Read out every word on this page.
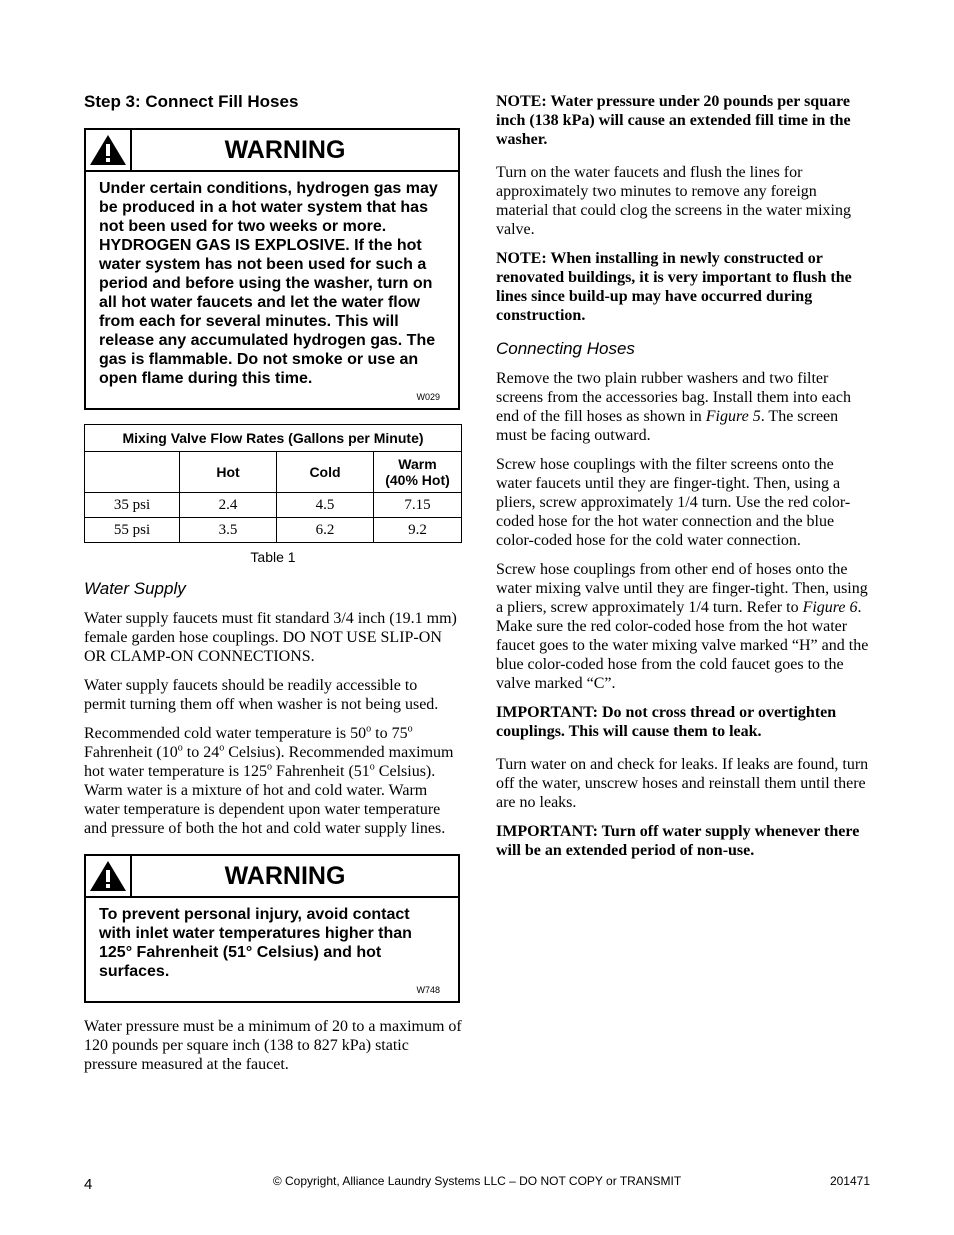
Step 3: Connect Fill Hoses
WARNING
Under certain conditions, hydrogen gas may be produced in a hot water system that has not been used for two weeks or more. HYDROGEN GAS IS EXPLOSIVE. If the hot water system has not been used for such a period and before using the washer, turn on all hot water faucets and let the water flow from each for several minutes. This will release any accumulated hydrogen gas. The gas is flammable. Do not smoke or use an open flame during this time.
W029
Mixing Valve Flow Rates (Gallons per Minute)			
	Hot	Cold	Warm
(40% Hot)
35 psi	2.4	4.5	7.15
55 psi	3.5	6.2	9.2
Table 1
Water Supply

Water supply faucets must fit standard 3/4 inch (19.1 mm) female garden hose couplings. DO NOT USE SLIP-ON OR CLAMP-ON CONNECTIONS.

Water supply faucets should be readily accessible to permit turning them off when washer is not being used.

Recommended cold water temperature is 50$^o$ to 75$^o$ Fahrenheit (10$^o$ to 24$^o$ Celsius). Recommended maximum hot water temperature is 125$^o$ Fahrenheit (51$^o$ Celsius). Warm water is a mixture of hot and cold water. Warm water temperature is dependent upon water temperature and pressure of both the hot and cold water supply lines.

WARNING
To prevent personal injury, avoid contact with inlet water temperatures higher than 125° Fahrenheit (51° Celsius) and hot surfaces.
W748

Water pressure must be a minimum of 20 to a maximum of 120 pounds per square inch (138 to 827 kPa) static pressure measured at the faucet.

NOTE: Water pressure under 20 pounds per square inch (138 kPa) will cause an extended fill time in the washer.

Turn on the water faucets and flush the lines for approximately two minutes to remove any foreign material that could clog the screens in the water mixing valve.

NOTE: When installing in newly constructed or renovated buildings, it is very important to flush the lines since build-up may have occurred during construction.

Connecting Hoses

Remove the two plain rubber washers and two filter screens from the accessories bag. Install them into each end of the fill hoses as shown in Figure 5. The screen must be facing outward.

Screw hose couplings with the filter screens onto the water faucets until they are finger-tight. Then, using a pliers, screw approximately 1/4 turn. Use the red color-coded hose for the hot water connection and the blue color-coded hose for the cold water connection.

Screw hose couplings from other end of hoses onto the water mixing valve until they are finger-tight. Then, using a pliers, screw approximately 1/4 turn. Refer to Figure 6. Make sure the red color-coded hose from the hot water faucet goes to the water mixing valve marked “H” and the blue color-coded hose from the cold faucet goes to the valve marked “C”.

IMPORTANT: Do not cross thread or overtighten couplings. This will cause them to leak.

Turn water on and check for leaks. If leaks are found, turn off the water, unscrew hoses and reinstall them until there are no leaks.

IMPORTANT: Turn off water supply whenever there will be an extended period of non-use.

4	© Copyright, Alliance Laundry Systems LLC – DO NOT COPY or TRANSMIT	201471
